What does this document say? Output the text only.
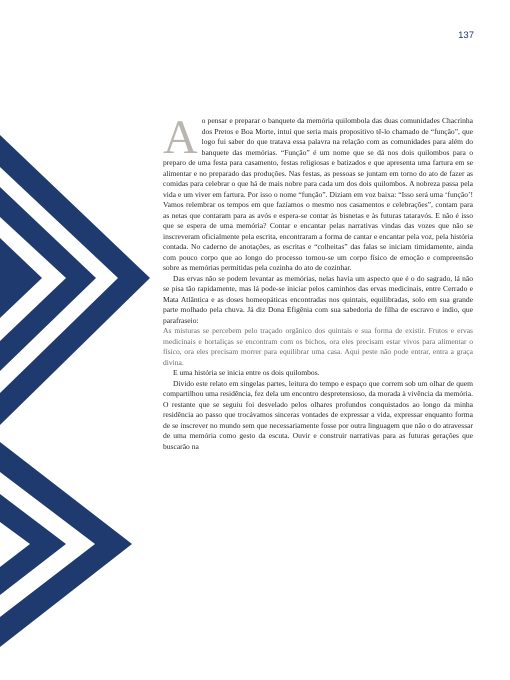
137

Ao pensar e preparar o banquete da memória quilombola das duas comunidades Chacrinha dos Pretos e Boa Morte, intuí que seria mais propositivo tê-lo chamado de “função”, que logo fui saber do que tratava essa palavra na relação com as comunidades para além do banquete das memórias. “Função” é um nome que se dá nos dois quilombos para o preparo de uma festa para casamento, festas religiosas e batizados e que apresenta uma fartura em se alimentar e no preparado das produções. Nas festas, as pessoas se juntam em torno do ato de fazer as comidas para celebrar o que há de mais nobre para cada um dos dois quilombos. A nobreza passa pela vida e um viver em fartura. Por isso o nome “função”. Diziam em voz baixa: “Isso será uma ‘função’! Vamos relembrar os tempos em que fazíamos o mesmo nos casamentos e celebrações”, contam para as netas que contaram para as avós e espera-se contar às bisnetas e às futuras tataravós. E não é isso que se espera de uma memória? Contar e encantar pelas narrativas vindas das vozes que não se inscreveram oficialmente pela escrita, encontraram a forma de cantar e encantar pela voz, pela história contada. No caderno de anotações, as escritas e “colheitas” das falas se iniciam timidamente, ainda com pouco corpo que ao longo do processo tornou-se um corpo físico de emoção e compreensão sobre as memórias permitidas pela cozinha do ato de cozinhar.

Das ervas não se podem levantar as memórias, nelas havia um aspecto que é o do sagrado, lá não se pisa tão rapidamente, mas lá pode-se iniciar pelos caminhos das ervas medicinais, entre Cerrado e Mata Atlântica e as doses homeopáticas encontradas nos quintais, equilibradas, solo em sua grande parte molhado pela chuva. Já diz Dona Efigênia com sua sabedoria de filha de escravo e índio, que parafraseio:

As misturas se percebem pelo traçado orgânico dos quintais e sua forma de existir. Frutos e ervas medicinais e hortaliças se encontram com os bichos, ora eles precisam estar vivos para alimentar o físico, ora eles precisam morrer para equilibrar uma casa. Aqui peste não pode entrar, entra a graça divina.

E uma história se inicia entre os dois quilombos.

Divido este relato em singelas partes, leitura do tempo e espaço que correm sob um olhar de quem compartilhou uma residência, fez dela um encontro despretensioso, da morada à vivência da memória. O restante que se seguiu foi desvelado pelos olhares profundos conquistados ao longo da minha residência ao passo que trocávamos sinceras vontades de expressar a vida, expressar enquanto forma de se inscrever no mundo sem que necessariamente fosse por outra linguagem que não o do atravessar de uma memória como gesto da escuta. Ouvir e construir narrativas para as futuras gerações que buscarão na
